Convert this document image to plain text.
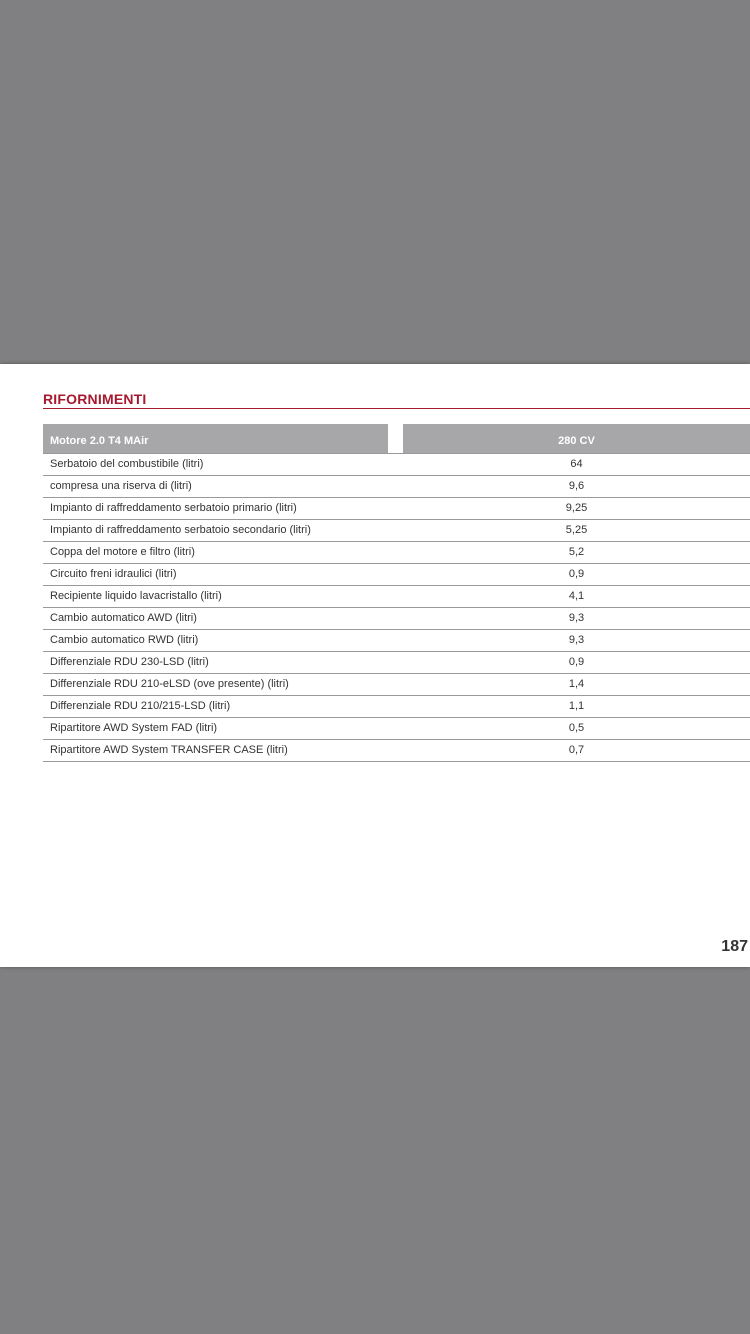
RIFORNIMENTI
Motore 2.0 T4 MAir	280 CV
Serbatoio del combustibile (litri)	64
compresa una riserva di (litri)	9,6
Impianto di raffreddamento serbatoio primario (litri)	9,25
Impianto di raffreddamento serbatoio secondario (litri)	5,25
Coppa del motore e filtro (litri)	5,2
Circuito freni idraulici (litri)	0,9
Recipiente liquido lavacristallo (litri)	4,1
Cambio automatico AWD (litri)	9,3
Cambio automatico RWD (litri)	9,3
Differenziale RDU 230-LSD (litri)	0,9
Differenziale RDU 210-eLSD (ove presente) (litri)	1,4
Differenziale RDU 210/215-LSD (litri)	1,1
Ripartitore AWD System FAD (litri)	0,5
Ripartitore AWD System TRANSFER CASE (litri)	0,7
187
